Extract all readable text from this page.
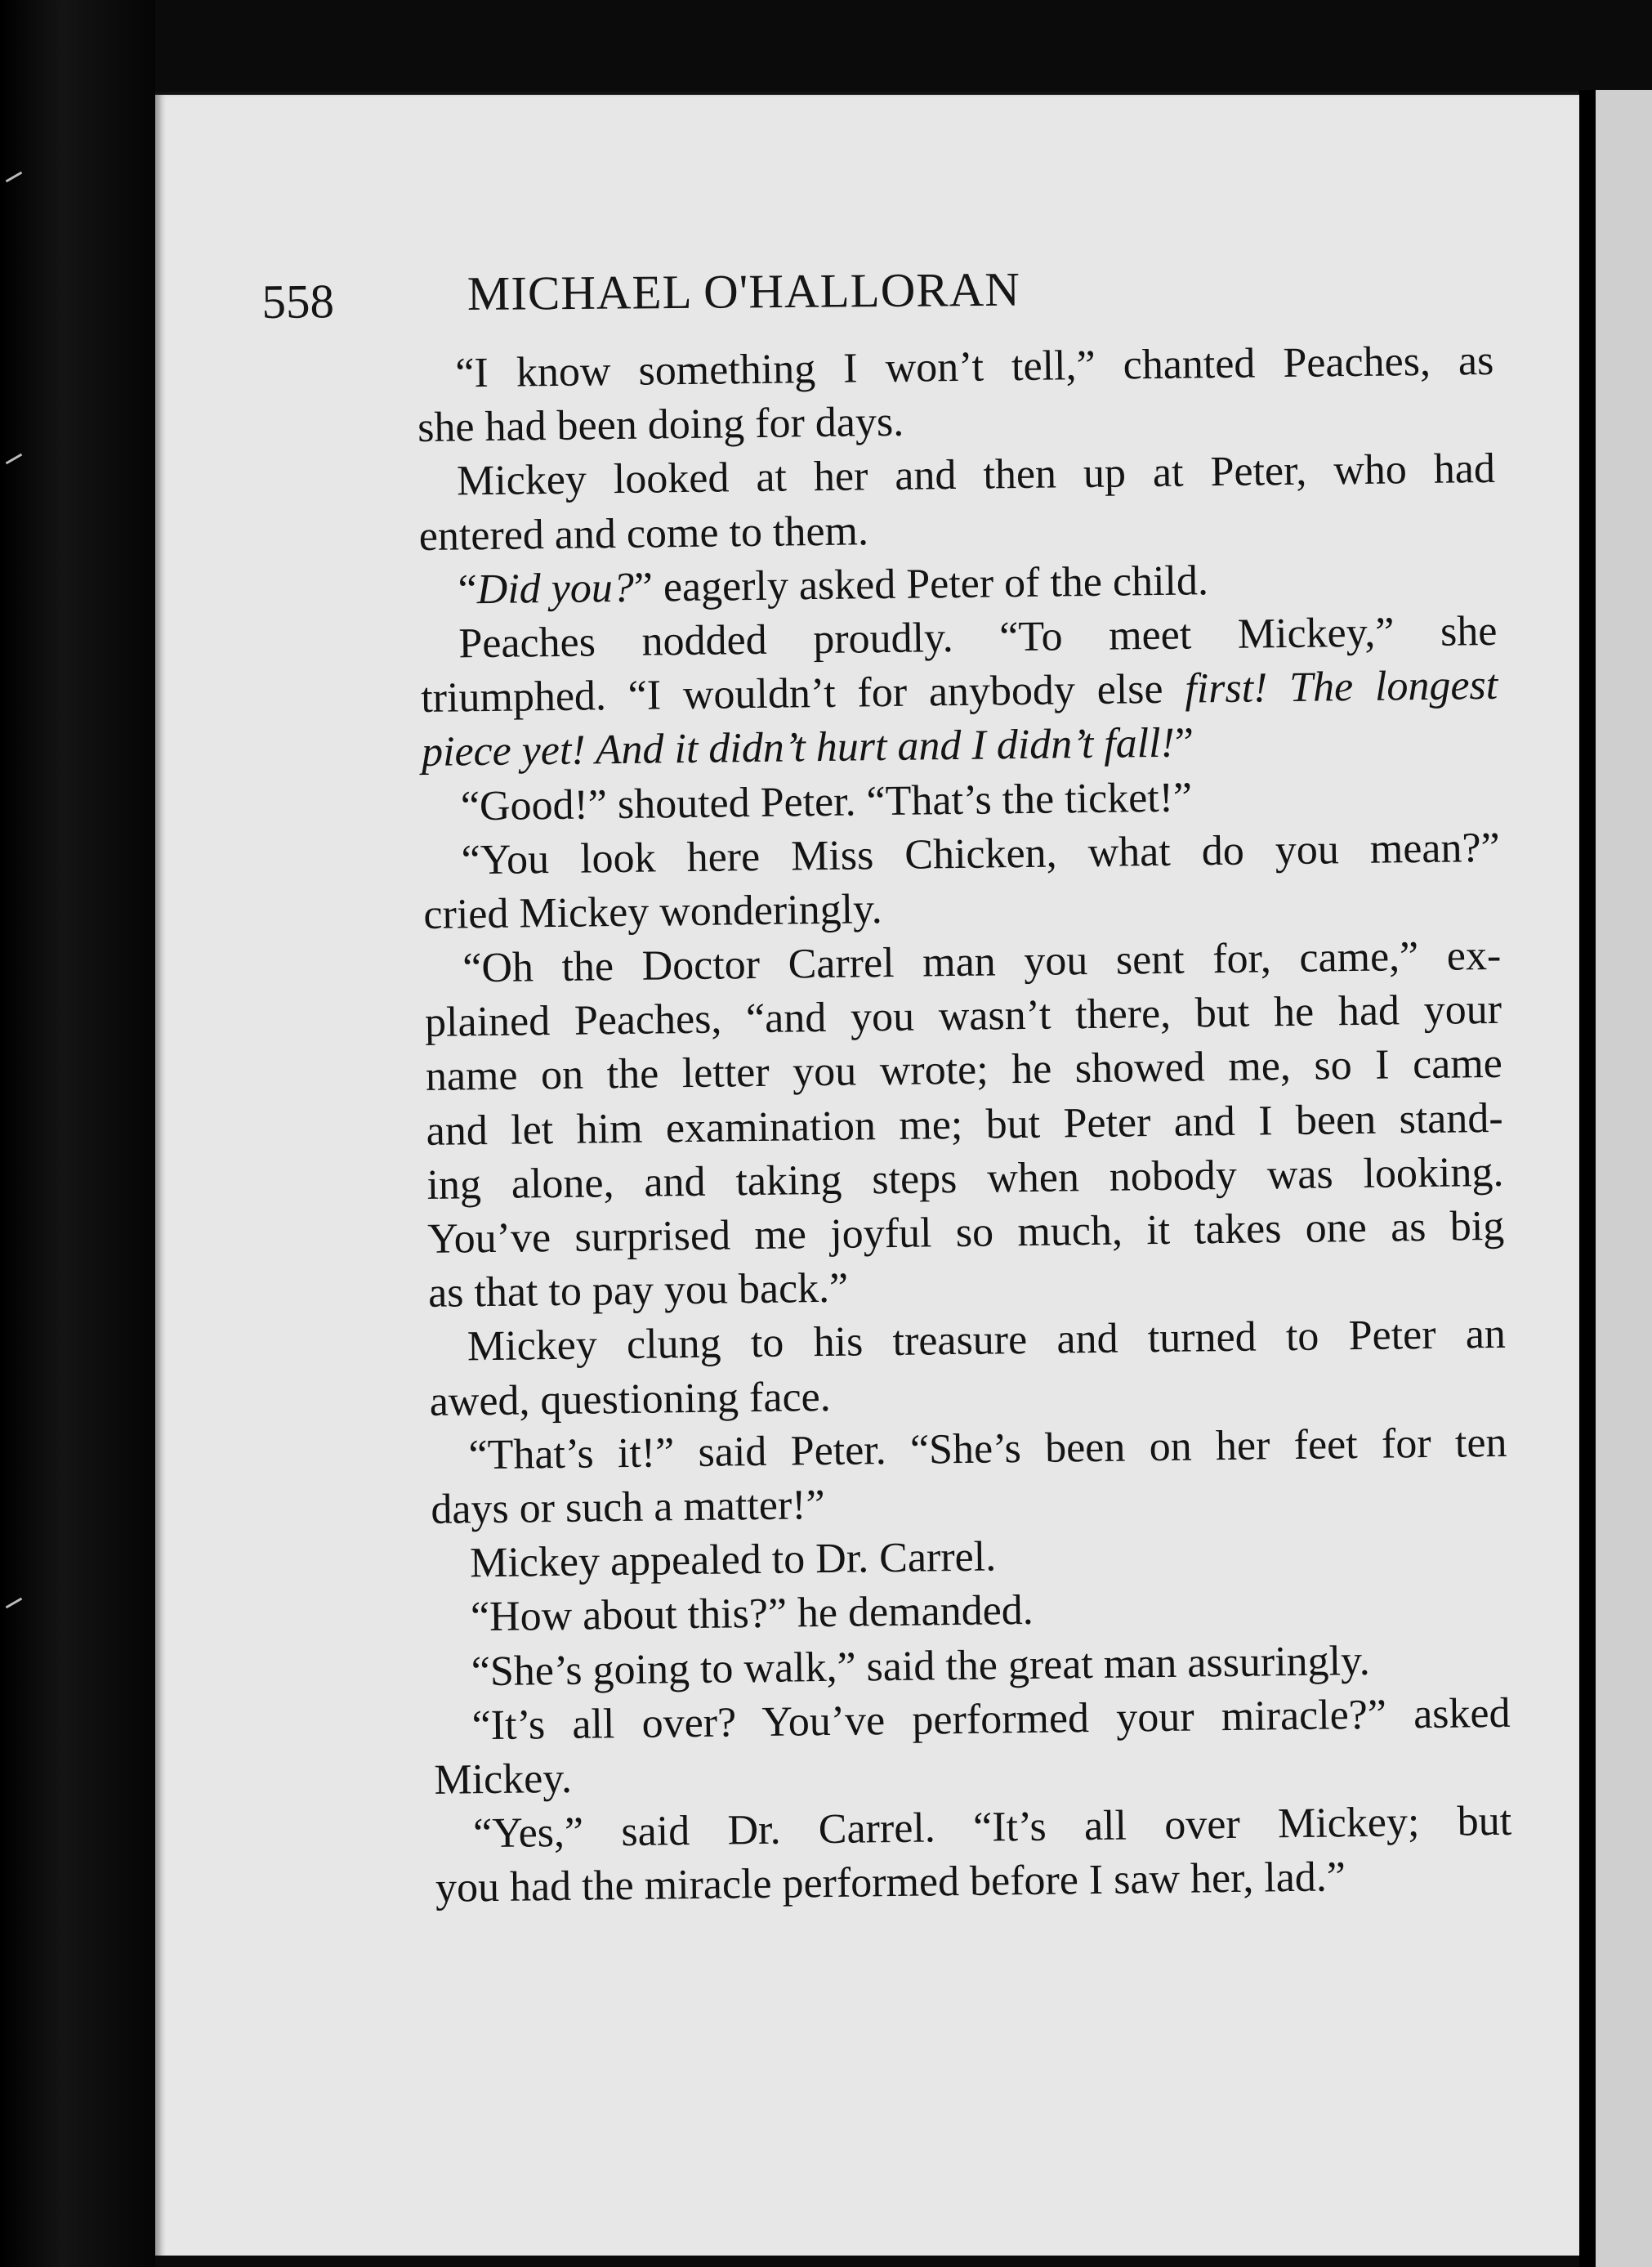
558	MICHAEL O'HALLORAN
“I know something I won’t tell,” chanted Peaches, as
she had been doing for days.
Mickey looked at her and then up at Peter, who had
entered and come to them.
“Did you?” eagerly asked Peter of the child.
Peaches nodded proudly. “To meet Mickey,” she
triumphed. “I wouldn’t for anybody else first! The longest
piece yet! And it didn’t hurt and I didn’t fall!”
“Good!” shouted Peter. “That’s the ticket!”
“You look here Miss Chicken, what do you mean?”
cried Mickey wonderingly.
“Oh the Doctor Carrel man you sent for, came,” ex-
plained Peaches, “and you wasn’t there, but he had your
name on the letter you wrote; he showed me, so I came
and let him examination me; but Peter and I been stand-
ing alone, and taking steps when nobody was looking.
You’ve surprised me joyful so much, it takes one as big
as that to pay you back.”
Mickey clung to his treasure and turned to Peter an
awed, questioning face.
“That’s it!” said Peter. “She’s been on her feet for ten
days or such a matter!”
Mickey appealed to Dr. Carrel.
“How about this?” he demanded.
“She’s going to walk,” said the great man assuringly.
“It’s all over? You’ve performed your miracle?” asked
Mickey.
“Yes,” said Dr. Carrel. “It’s all over Mickey; but
you had the miracle performed before I saw her, lad.”
